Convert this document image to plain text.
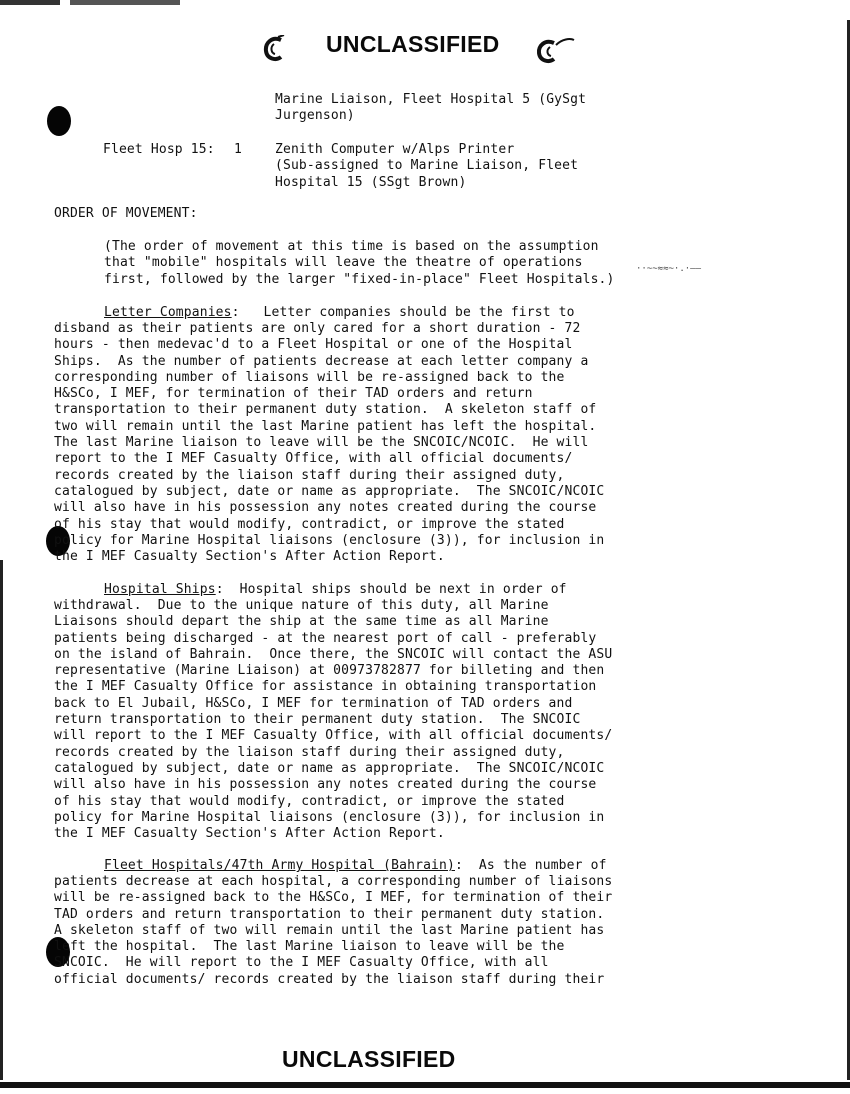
UNCLASSIFIED
Marine Liaison, Fleet Hospital 5 (GySgt
Jurgenson)
Fleet Hosp 15: 1	Zenith Computer w/Alps Printer
(Sub-assigned to Marine Liaison, Fleet
Hospital 15 (SSgt Brown)
ORDER OF MOVEMENT:
(The order of movement at this time is based on the assumption
that "mobile" hospitals will leave the theatre of operations
first, followed by the larger "fixed-in-place" Fleet Hospitals.)
··~~≈≈~·.·——
Letter Companies:   Letter companies should be the first to
disband as their patients are only cared for a short duration - 72
hours - then medevac'd to a Fleet Hospital or one of the Hospital
Ships.  As the number of patients decrease at each letter company a
corresponding number of liaisons will be re-assigned back to the
H&SCo, I MEF, for termination of their TAD orders and return
transportation to their permanent duty station.  A skeleton staff of
two will remain until the last Marine patient has left the hospital.
The last Marine liaison to leave will be the SNCOIC/NCOIC.  He will
report to the I MEF Casualty Office, with all official documents/
records created by the liaison staff during their assigned duty,
catalogued by subject, date or name as appropriate.  The SNCOIC/NCOIC
will also have in his possession any notes created during the course
of his stay that would modify, contradict, or improve the stated
policy for Marine Hospital liaisons (enclosure (3)), for inclusion in
the I MEF Casualty Section's After Action Report.
Hospital Ships:  Hospital ships should be next in order of
withdrawal.  Due to the unique nature of this duty, all Marine
Liaisons should depart the ship at the same time as all Marine
patients being discharged - at the nearest port of call - preferably
on the island of Bahrain.  Once there, the SNCOIC will contact the ASU
representative (Marine Liaison) at 00973782877 for billeting and then
the I MEF Casualty Office for assistance in obtaining transportation
back to El Jubail, H&SCo, I MEF for termination of TAD orders and
return transportation to their permanent duty station.  The SNCOIC
will report to the I MEF Casualty Office, with all official documents/
records created by the liaison staff during their assigned duty,
catalogued by subject, date or name as appropriate.  The SNCOIC/NCOIC
will also have in his possession any notes created during the course
of his stay that would modify, contradict, or improve the stated
policy for Marine Hospital liaisons (enclosure (3)), for inclusion in
the I MEF Casualty Section's After Action Report.
Fleet Hospitals/47th Army Hospital (Bahrain):  As the number of
patients decrease at each hospital, a corresponding number of liaisons
will be re-assigned back to the H&SCo, I MEF, for termination of their
TAD orders and return transportation to their permanent duty station.
A skeleton staff of two will remain until the last Marine patient has
left the hospital.  The last Marine liaison to leave will be the
SNCOIC.  He will report to the I MEF Casualty Office, with all
official documents/ records created by the liaison staff during their
UNCLASSIFIED
